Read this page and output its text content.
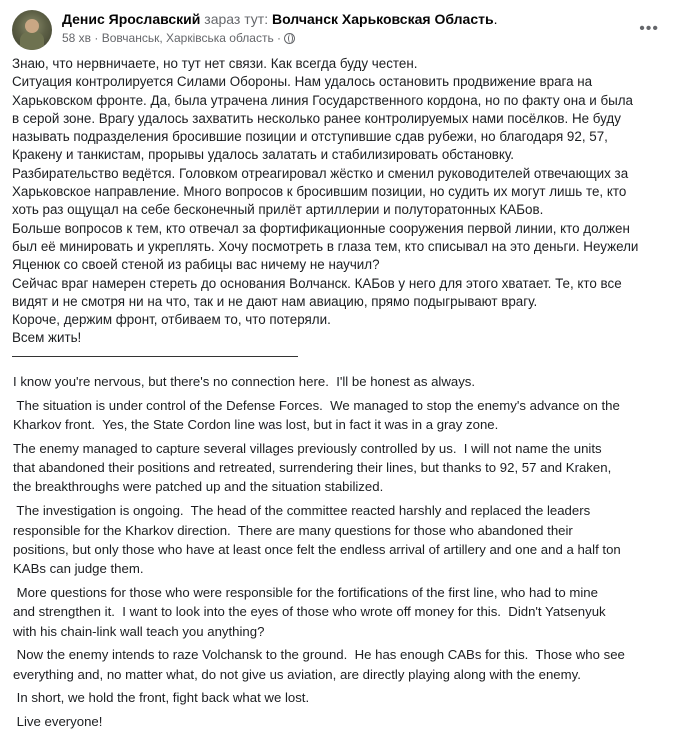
Денис Ярославский зараз тут: Волчанск Харьковская Область.
58 хв · Вовчанськ, Харківська область ·
•••
Знаю, что нервничаете, но тут нет связи. Как всегда буду честен.
Ситуация контролируется Силами Обороны. Нам удалось остановить продвижение врага на
Харьковском фронте. Да, была утрачена линия Государственного кордона, но по факту она и была
в серой зоне. Врагу удалось захватить несколько ранее контролируемых нами посёлков. Не буду
называть подразделения бросившие позиции и отступившие сдав рубежи, но благодаря 92, 57,
Кракену и танкистам, прорывы удалось залатать и стабилизировать обстановку.
Разбирательство ведётся. Головком отреагировал жёстко и сменил руководителей отвечающих за
Харьковское направление. Много вопросов к бросившим позиции, но судить их могут лишь те, кто
хоть раз ощущал на себе бесконечный прилёт артиллерии и полуторатонных КАБов.
Больше вопросов к тем, кто отвечал за фортификационные сооружения первой линии, кто должен
был её минировать и укреплять. Хочу посмотреть в глаза тем, кто списывал на это деньги. Неужели
Яценюк со своей стеной из рабицы вас ничему не научил?
Сейчас враг намерен стереть до основания Волчанск. КАБов у него для этого хватает. Те, кто все
видят и не смотря ни на что, так и не дают нам авиацию, прямо подыгрывают врагу.
Короче, держим фронт, отбиваем то, что потеряли.
Всем жить!

I know you're nervous, but there's no connection here.  I'll be honest as always.

The situation is under control of the Defense Forces.  We managed to stop the enemy's advance on the
Kharkov front.  Yes, the State Cordon line was lost, but in fact it was in a gray zone.

The enemy managed to capture several villages previously controlled by us.  I will not name the units
that abandoned their positions and retreated, surrendering their lines, but thanks to 92, 57 and Kraken,
the breakthroughs were patched up and the situation stabilized.

The investigation is ongoing.  The head of the committee reacted harshly and replaced the leaders
responsible for the Kharkov direction.  There are many questions for those who abandoned their
positions, but only those who have at least once felt the endless arrival of artillery and one and a half ton
KABs can judge them.

More questions for those who were responsible for the fortifications of the first line, who had to mine
and strengthen it.  I want to look into the eyes of those who wrote off money for this.  Didn't Yatsenyuk
with his chain-link wall teach you anything?

Now the enemy intends to raze Volchansk to the ground.  He has enough CABs for this.  Those who see
everything and, no matter what, do not give us aviation, are directly playing along with the enemy.

In short, we hold the front, fight back what we lost.

Live everyone!
